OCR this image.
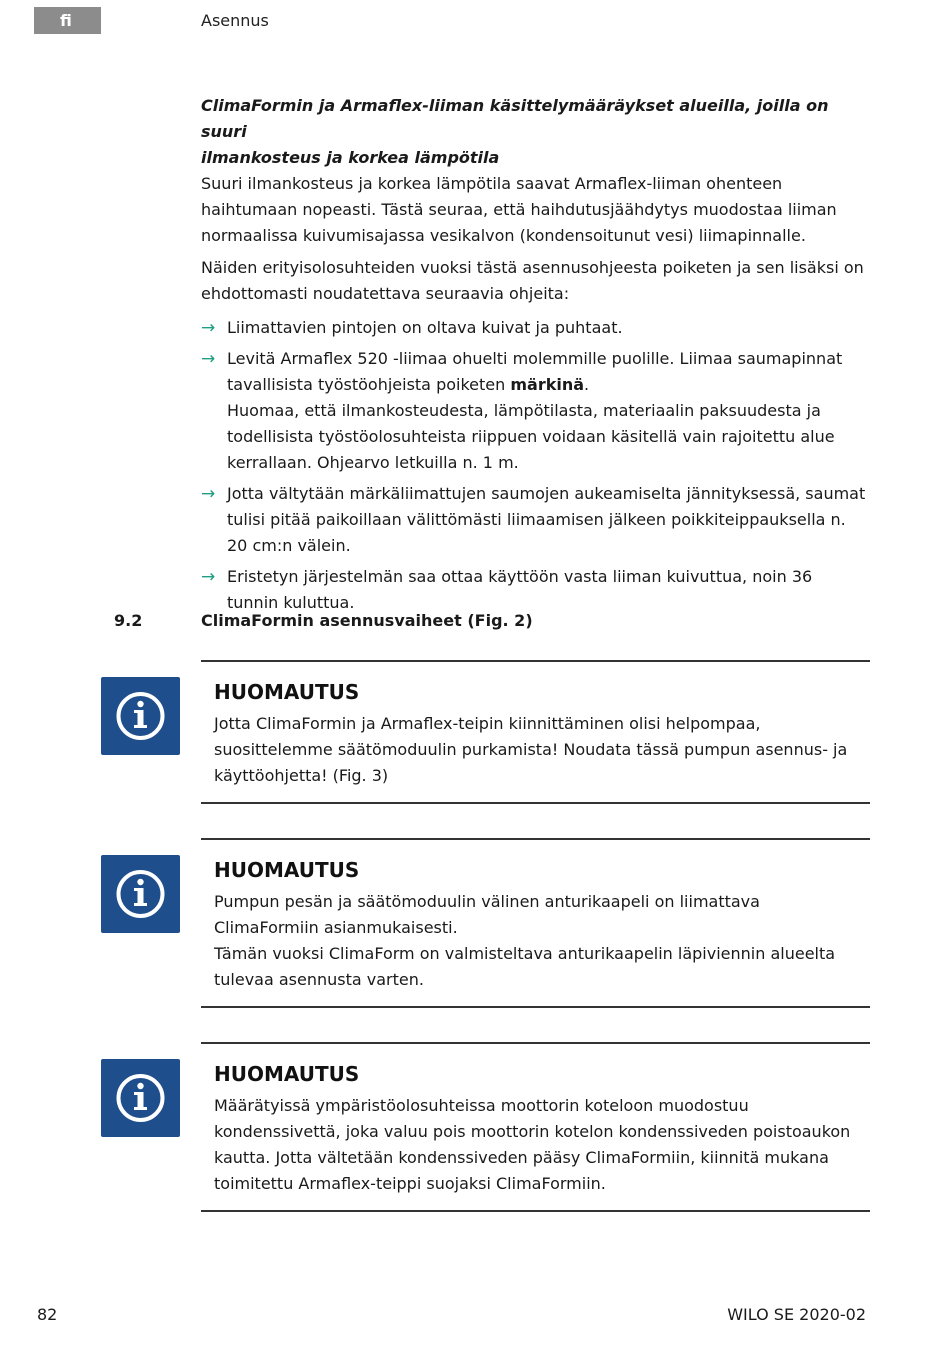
fi	Asennus
ClimaFormin ja Armaflex-liiman käsittelymääräykset alueilla, joilla on suuri
ilmankosteus ja korkea lämpötila

Suuri ilmankosteus ja korkea lämpötila saavat Armaflex-liiman ohenteen haihtumaan nopeasti. Tästä seuraa, että haihdutusjäähdytys muodostaa liiman normaalissa kuivumisajassa vesikalvon (kondensoitunut vesi) liimapinnalle.

Näiden erityisolosuhteiden vuoksi tästä asennusohjeesta poiketen ja sen lisäksi on ehdottomasti noudatettava seuraavia ohjeita:

→ Liimattavien pintojen on oltava kuivat ja puhtaat.
→ Levitä Armaflex 520 -liimaa ohuelti molemmille puolille. Liimaa saumapinnat tavallisista työstöohjeista poiketen märkinä.
Huomaa, että ilmankosteudesta, lämpötilasta, materiaalin paksuudesta ja todellisista työstöolosuhteista riippuen voidaan käsitellä vain rajoitettu alue kerrallaan. Ohjearvo letkuilla n. 1 m.
→ Jotta vältytään märkäliimattujen saumojen aukeamiselta jännityksessä, saumat tulisi pitää paikoillaan välittömästi liimaamisen jälkeen poikkiteippauksella n.
20 cm:n välein.
→ Eristetyn järjestelmän saa ottaa käyttöön vasta liiman kuivuttua, noin 36 tunnin kuluttua.
9.2	ClimaFormin asennusvaiheet (Fig. 2)
HUOMAUTUS

Jotta ClimaFormin ja Armaflex-teipin kiinnittäminen olisi helpompaa, suosittelemme säätömoduulin purkamista! Noudata tässä pumpun asennus- ja käyttöohjetta! (Fig. 3)

HUOMAUTUS

Pumpun pesän ja säätömoduulin välinen anturikaapeli on liimattava ClimaFormiin asianmukaisesti.

Tämän vuoksi ClimaForm on valmisteltava anturikaapelin läpiviennin alueelta tulevaa asennusta varten.

HUOMAUTUS

Määrätyissä ympäristöolosuhteissa moottorin koteloon muodostuu kondenssivettä, joka valuu pois moottorin kotelon kondenssiveden poistoaukon kautta. Jotta vältetään kondenssiveden pääsy ClimaFormiin, kiinnitä mukana toimitettu Armaflex-teippi suojaksi ClimaFormiin.

82	WILO SE 2020-02
